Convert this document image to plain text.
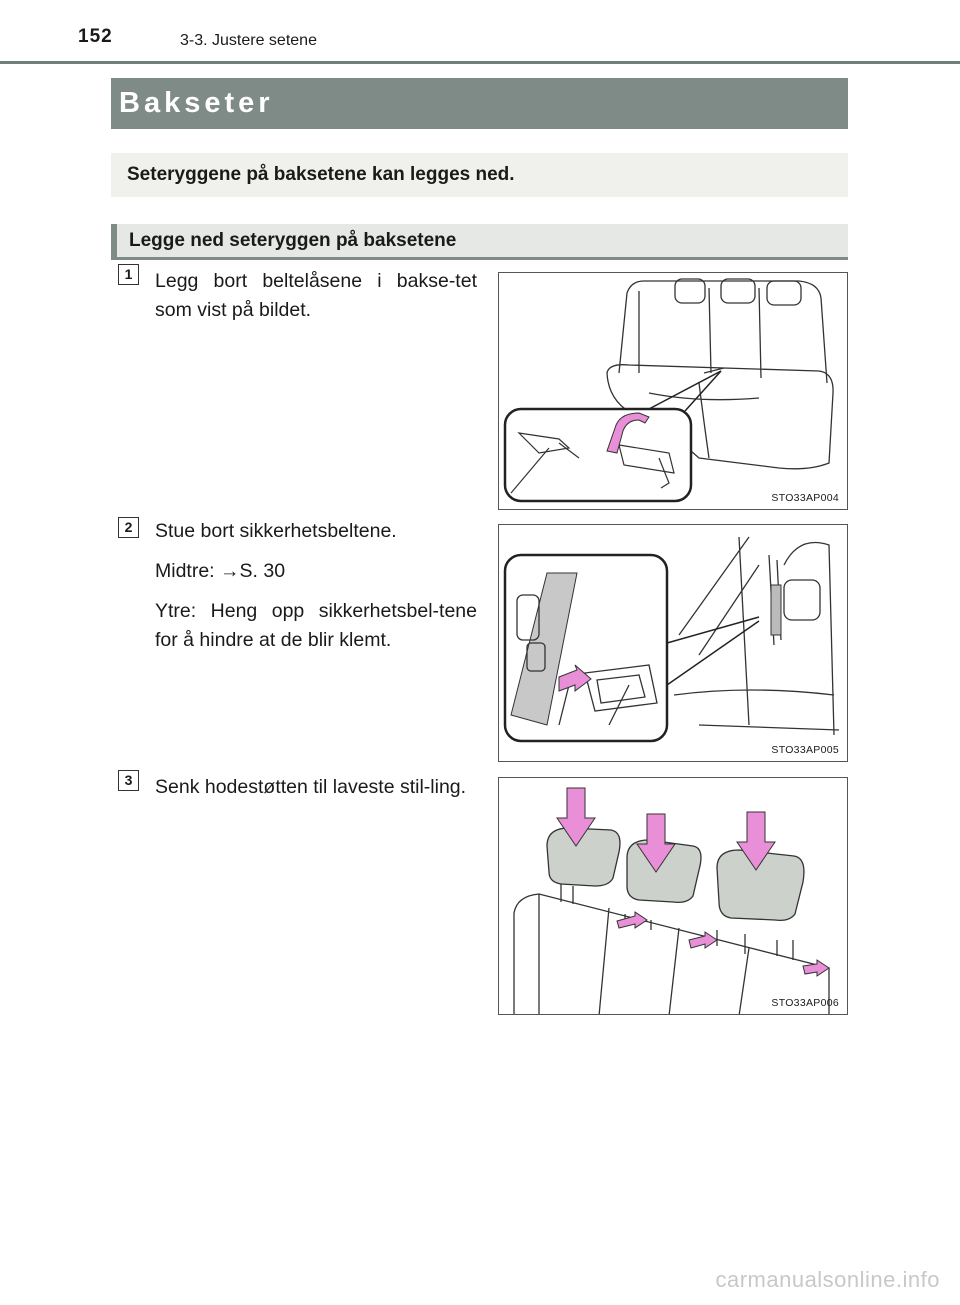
152	3-3. Justere setene
Bakseter
Seteryggene på baksetene kan legges ned.
Legge ned seteryggen på baksetene
1	Legg bort beltelåsene i bakse-tet som vist på bildet.

STO33AP004
2	Stue bort sikkerhetsbeltene.

Midtre: →S. 30

Ytre: Heng opp sikkerhetsbel-tene for å hindre at de blir klemt.

STO33AP005
3	Senk hodestøtten til laveste stil-ling.

STO33AP006
carmanualsonline.info
